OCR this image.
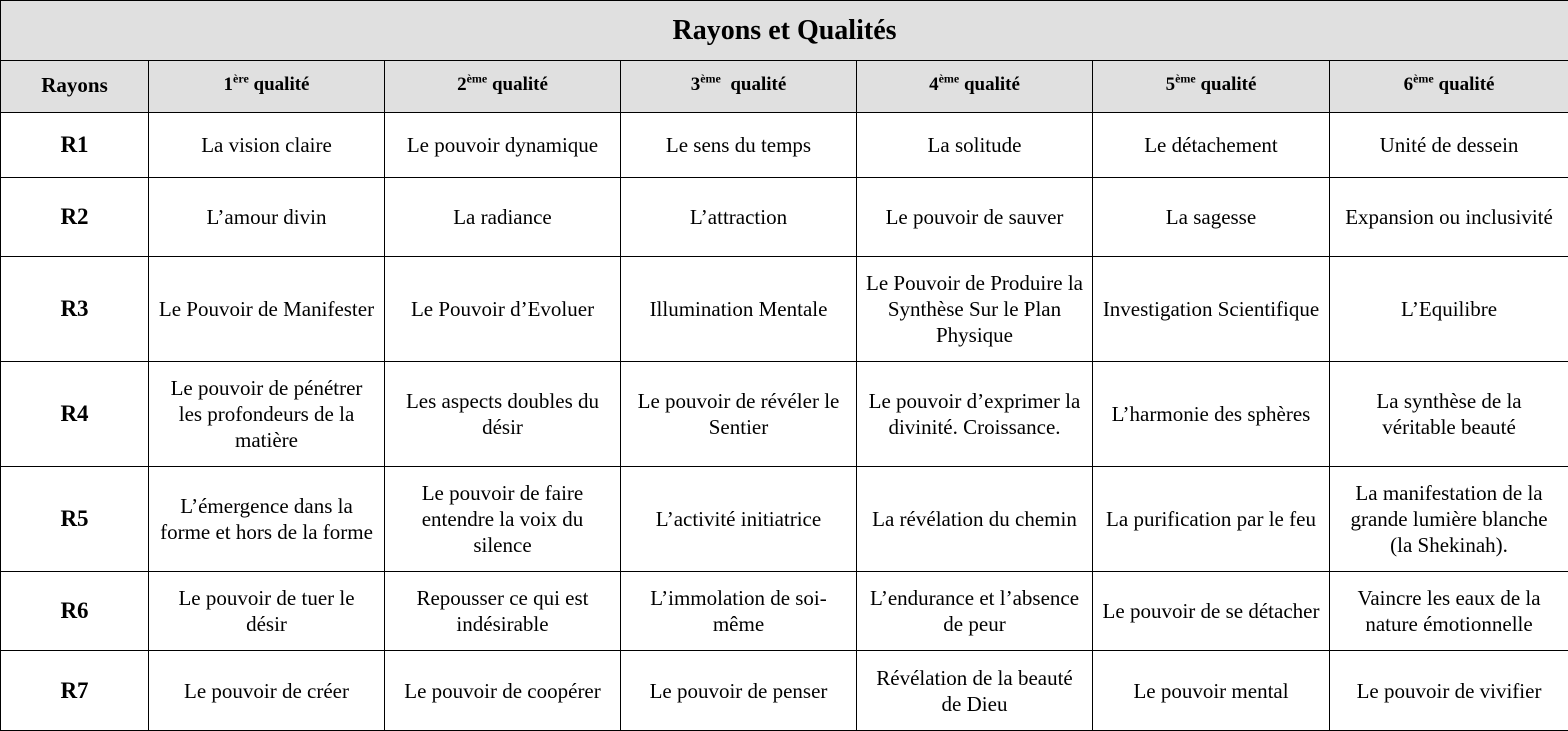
Rayons et Qualités						
Rayons	1ère qualité	2ème qualité	3ème  qualité	4ème qualité	5ème qualité	6ème qualité
R1	La vision claire	Le pouvoir dynamique	Le sens du temps	La solitude	Le détachement	Unité de dessein
R2	L’amour divin	La radiance	L’attraction	Le pouvoir de sauver	La sagesse	Expansion ou inclusivité
R3	Le Pouvoir de Manifester	Le Pouvoir d’Evoluer	Illumination Mentale	Le Pouvoir de Produire la Synthèse Sur le Plan Physique	Investigation Scientifique	L’Equilibre
R4	Le pouvoir de pénétrer les profondeurs de la matière	Les aspects doubles du désir	Le pouvoir de révéler le Sentier	Le pouvoir d’exprimer la divinité. Croissance.	L’harmonie des sphères	La synthèse de la véritable beauté
R5	L’émergence dans la forme et hors de la forme	Le pouvoir de faire entendre la voix du silence	L’activité initiatrice	La révélation du chemin	La purification par le feu	La manifestation de la grande lumière blanche (la Shekinah).
R6	Le pouvoir de tuer le désir	Repousser ce qui est indésirable	L’immolation de soi-même	L’endurance et l’absence de peur	Le pouvoir de se détacher	Vaincre les eaux de la nature émotionnelle
R7	Le pouvoir de créer	Le pouvoir de coopérer	Le pouvoir de penser	Révélation de la beauté de Dieu	Le pouvoir mental	Le pouvoir de vivifier
